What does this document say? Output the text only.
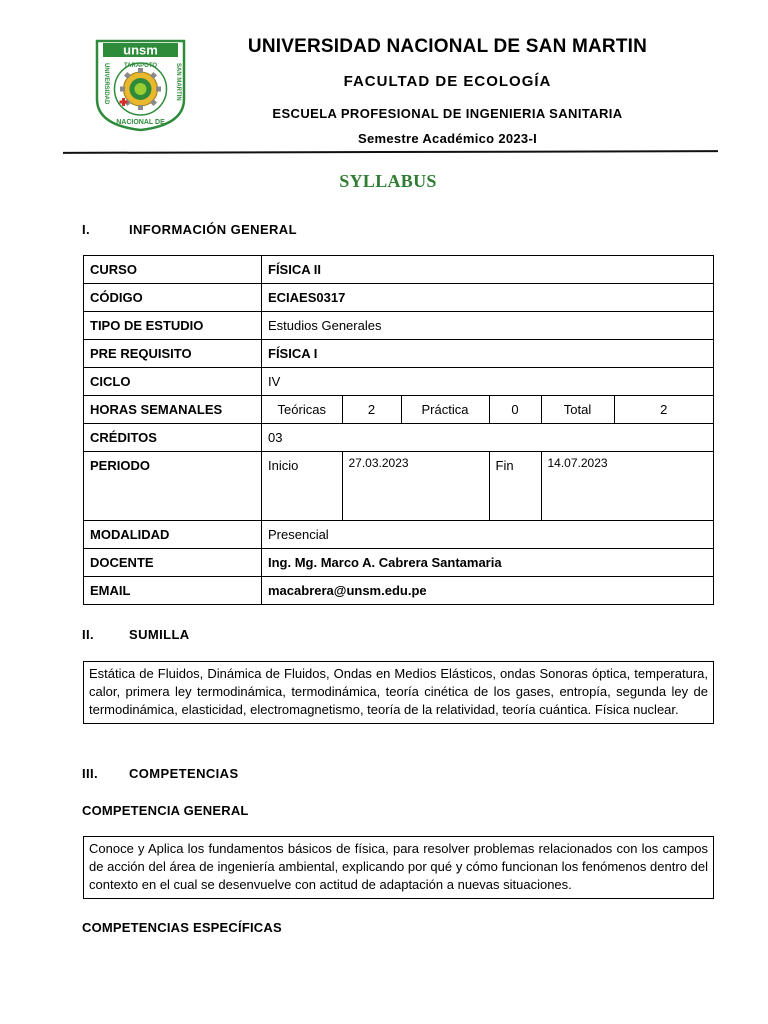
unsm
TARAPOTO
UNIVERSIDAD	SAN MARTIN
NACIONAL DE
UNIVERSIDAD NACIONAL DE SAN MARTIN
FACULTAD DE ECOLOGÍA
ESCUELA PROFESIONAL DE INGENIERIA SANITARIA
Semestre Académico 2023-I
SYLLABUS
I.	INFORMACIÓN GENERAL
CURSO	FÍSICA II
CÓDIGO	ECIAES0317
TIPO DE ESTUDIO	Estudios Generales
PRE REQUISITO	FÍSICA I
CICLO	IV
HORAS SEMANALES		Teóricas	2	Práctica	0	Total	2

CRÉDITOS	03
PERIODO		Inicio	27.03.2023	Fin	14.07.2023

MODALIDAD	Presencial
DOCENTE	Ing. Mg. Marco A. Cabrera Santamaria
EMAIL	macabrera@unsm.edu.pe
II.	SUMILLA
Estática de Fluidos, Dinámica de Fluidos, Ondas en Medios Elásticos, ondas Sonoras óptica, temperatura, calor, primera ley termodinámica, termodinámica, teoría cinética de los gases, entropía, segunda ley de termodinámica, elasticidad, electromagnetismo, teoría de la relatividad, teoría cuántica. Física nuclear.
III. COMPETENCIAS
COMPETENCIA GENERAL
Conoce y Aplica los fundamentos básicos de física, para resolver problemas relacionados con los campos de acción del área de ingeniería ambiental, explicando por qué y cómo funcionan los fenómenos dentro del contexto en el cual se desenvuelve con actitud de adaptación a nuevas situaciones.
COMPETENCIAS ESPECÍFICAS
